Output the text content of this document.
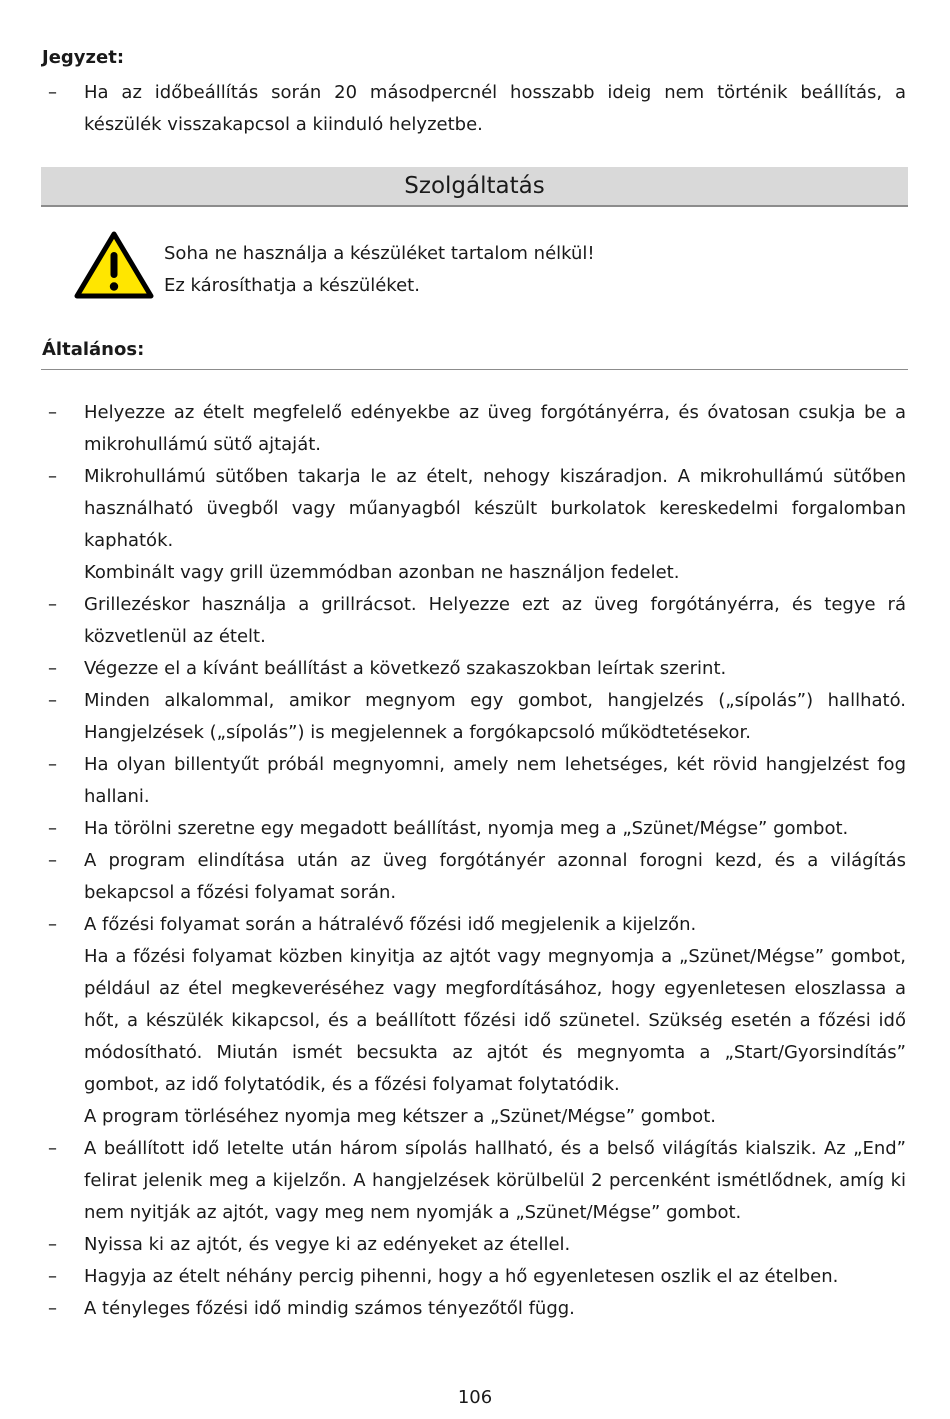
Jegyzet:
– Ha az időbeállítás során 20 másodpercnél hosszabb ideig nem történik beállítás, a készülék visszakapcsol a kiinduló helyzetbe.

Szolgáltatás

Soha ne használja a készüléket tartalom nélkül!

Ez károsíthatja a készüléket.

Általános:
– Helyezze az ételt megfelelő edényekbe az üveg forgótányérra, és óvatosan csukja be a mikrohullámú sütő ajtaját.

– Mikrohullámú sütőben takarja le az ételt, nehogy kiszáradjon. A mikrohullámú sütőben használható üvegből vagy műanyagból készült burkolatok kereskedelmi forgalomban kaphatók.

Kombinált vagy grill üzemmódban azonban ne használjon fedelet.

– Grillezéskor használja a grillrácsot. Helyezze ezt az üveg forgótányérra, és tegye rá közvetlenül az ételt.

– Végezze el a kívánt beállítást a következő szakaszokban leírtak szerint.

– Minden alkalommal, amikor megnyom egy gombot, hangjelzés („sípolás”) hallható. Hangjelzések („sípolás”) is megjelennek a forgókapcsoló működtetésekor.

– Ha olyan billentyűt próbál megnyomni, amely nem lehetséges, két rövid hangjelzést fog hallani.

– Ha törölni szeretne egy megadott beállítást, nyomja meg a „Szünet/Mégse” gombot.

– A program elindítása után az üveg forgótányér azonnal forogni kezd, és a világítás bekapcsol a főzési folyamat során.

– A főzési folyamat során a hátralévő főzési idő megjelenik a kijelzőn.

Ha a főzési folyamat közben kinyitja az ajtót vagy megnyomja a „Szünet/Mégse” gombot, például az étel megkeveréséhez vagy megfordításához, hogy egyenletesen eloszlassa a hőt, a készülék kikapcsol, és a beállított főzési idő szünetel. Szükség esetén a főzési idő módosítható. Miután ismét becsukta az ajtót és megnyomta a „Start/Gyorsindítás” gombot, az idő folytatódik, és a főzési folyamat folytatódik.

A program törléséhez nyomja meg kétszer a „Szünet/Mégse” gombot.

– A beállított idő letelte után három sípolás hallható, és a belső világítás kialszik. Az „End” felirat jelenik meg a kijelzőn. A hangjelzések körülbelül 2 percenként ismétlődnek, amíg ki nem nyitják az ajtót, vagy meg nem nyomják a „Szünet/Mégse” gombot.

– Nyissa ki az ajtót, és vegye ki az edényeket az étellel.

– Hagyja az ételt néhány percig pihenni, hogy a hő egyenletesen oszlik el az ételben.

– A tényleges főzési idő mindig számos tényezőtől függ.

106
